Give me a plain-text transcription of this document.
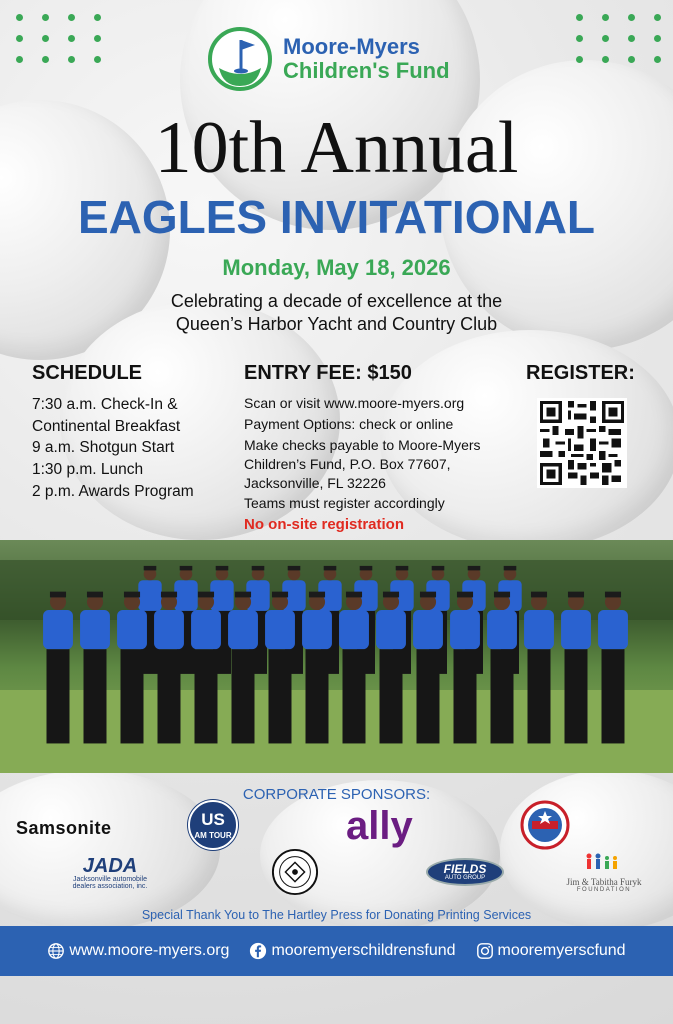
Moore-Myers
Children's Fund
10th Annual
EAGLES INVITATIONAL
Monday, May 18, 2026
Celebrating a decade of excellence at the
Queen’s Harbor Yacht and Country Club
SCHEDULE	ENTRY FEE: $150	REGISTER:
7:30 a.m. Check-In &
Continental Breakfast
9 a.m. Shotgun Start
1:30 p.m. Lunch
2 p.m. Awards Program

Scan or visit www.moore-myers.org

Payment Options: check or online

Make checks payable to Moore-Myers Children’s Fund, P.O. Box 77607, Jacksonville, FL 32226

Teams must register accordingly

No on-site registration

CORPORATE SPONSORS:
Samsonite	US
AM TOUR	ally
JADA
Jacksonville automobile
dealers association, inc.
FIELDS
AUTO GROUP	Jim & Tabitha Furyk
FOUNDATION
Special Thank You to The Hartley Press for Donating Printing Services
www.moore-myers.org	mooremyerschildrensfund	mooremyerscfund
